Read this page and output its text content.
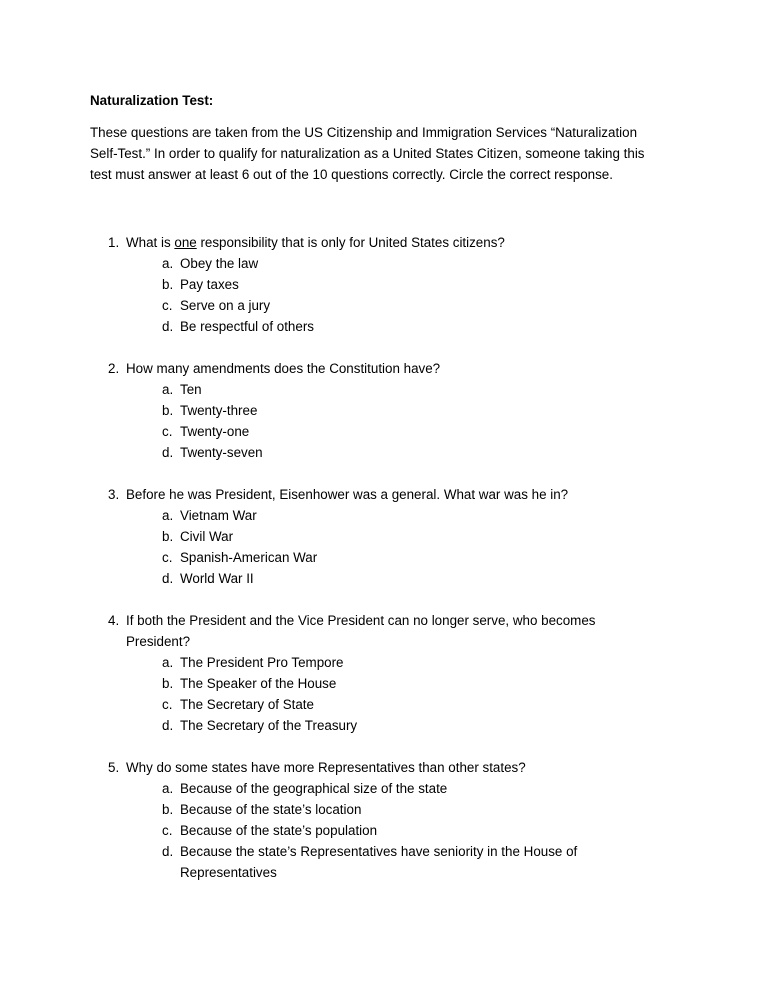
Naturalization Test:

These questions are taken from the US Citizenship and Immigration Services “Naturalization
Self-Test.” In order to qualify for naturalization as a United States Citizen, someone taking this
test must answer at least 6 out of the 10 questions correctly. Circle the correct response.

1. What is one responsibility that is only for United States citizens?
a. Obey the law
b. Pay taxes
c. Serve on a jury
d. Be respectful of others
2. How many amendments does the Constitution have?
a. Ten
b. Twenty-three
c. Twenty-one
d. Twenty-seven
3. Before he was President, Eisenhower was a general. What war was he in?
a. Vietnam War
b. Civil War
c. Spanish-American War
d. World War II
4. If both the President and the Vice President can no longer serve, who becomes
President?
a. The President Pro Tempore
b. The Speaker of the House
c. The Secretary of State
d. The Secretary of the Treasury
5. Why do some states have more Representatives than other states?
a. Because of the geographical size of the state
b. Because of the state’s location
c. Because of the state’s population
d. Because the state’s Representatives have seniority in the House of
Representatives
